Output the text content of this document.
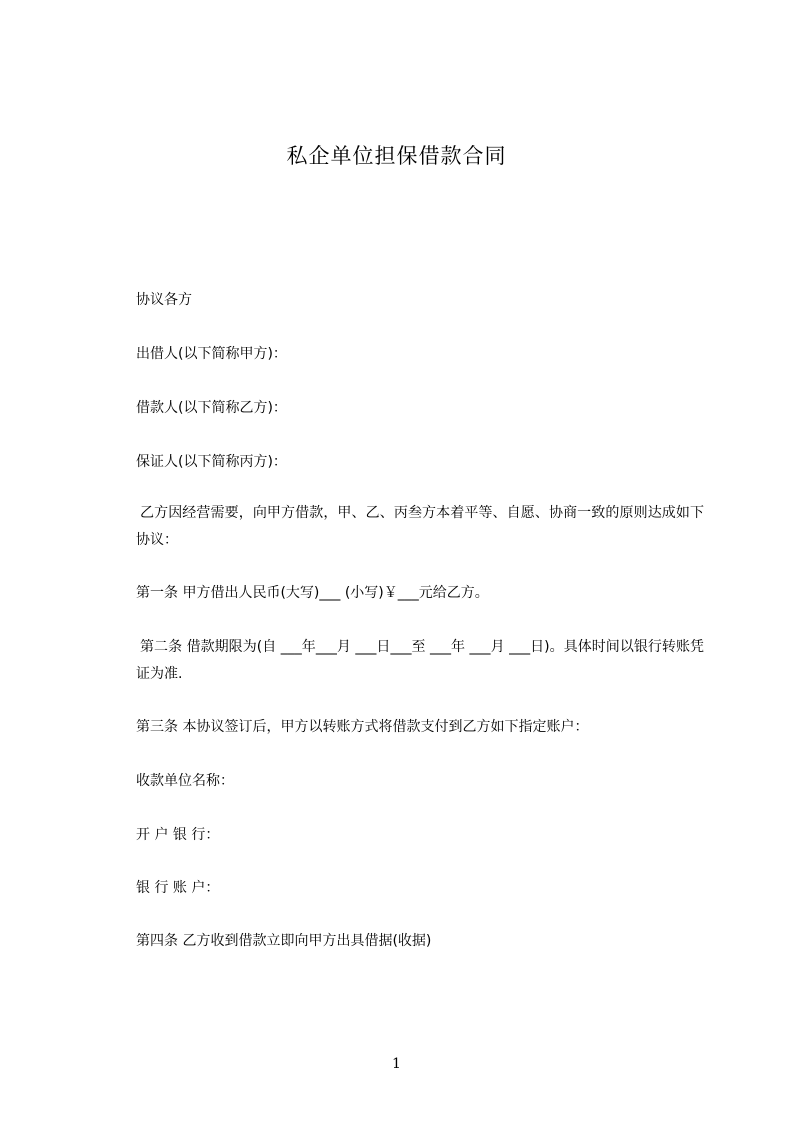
私企单位担保借款合同
协议各方
出借人(以下简称甲方)：
借款人(以下简称乙方)：
保证人(以下简称丙方)：
乙方因经营需要，向甲方借款，甲、乙、丙叁方本着平等、自愿、协商一致的原则达成如下协议：
第一条 甲方借出人民币(大写)___ (小写)￥___元给乙方。
第二条 借款期限为(自 ___年___月 ___日___至 ___年 ___月 ___日)。具体时间以银行转账凭证为准.
第三条 本协议签订后，甲方以转账方式将借款支付到乙方如下指定账户：
收款单位名称：
开 户 银 行：
银 行 账 户：
第四条 乙方收到借款立即向甲方出具借据(收据)
1
